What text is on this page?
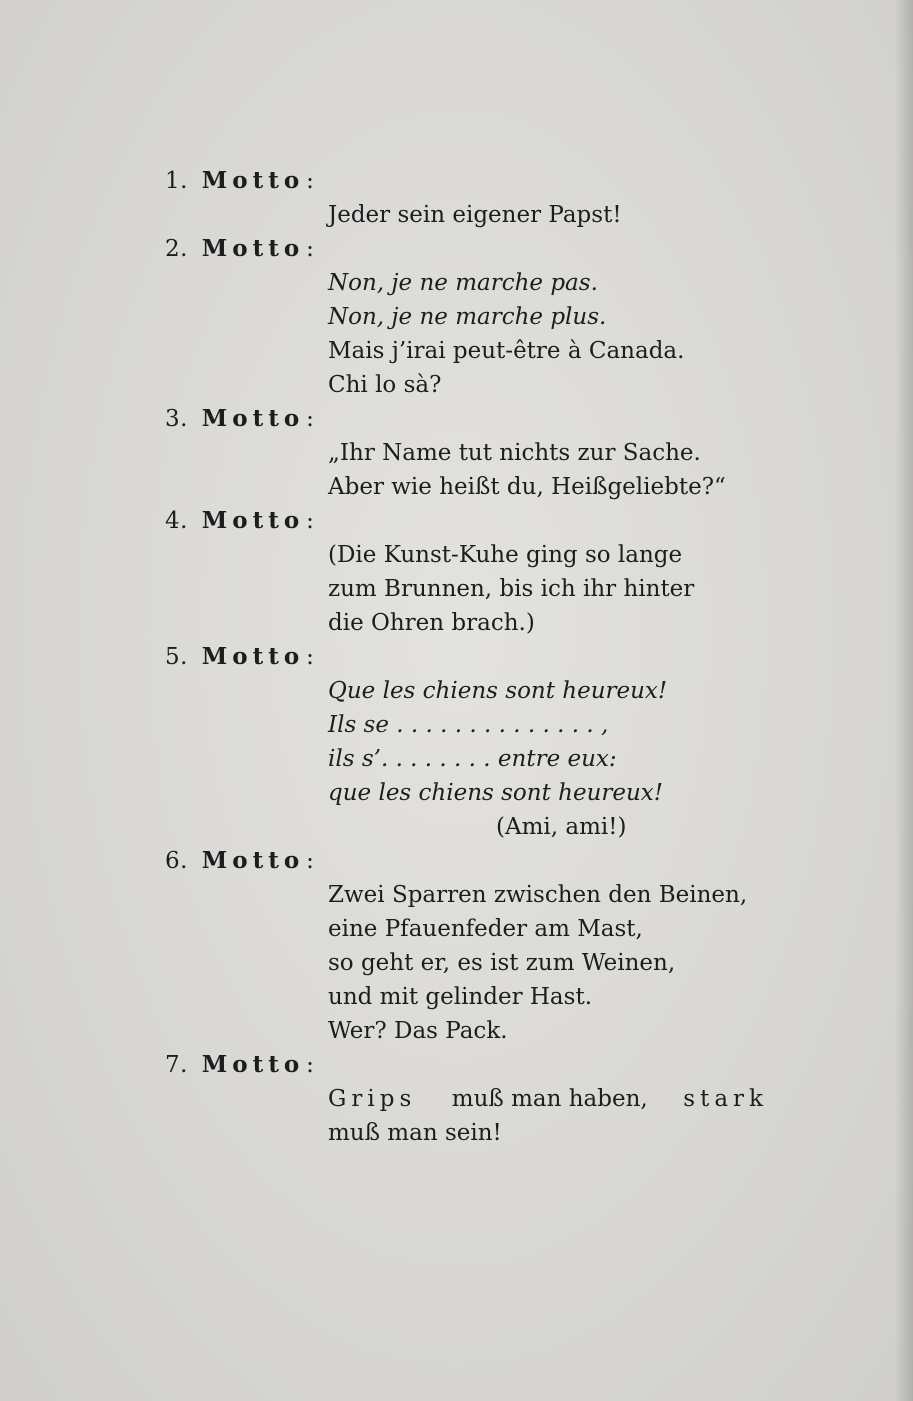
1. Motto:
Jeder sein eigener Papst!
2. Motto:
Non, je ne marche pas.
Non, je ne marche plus.
Mais j’irai peut-être à Canada.
Chi lo sà?
3. Motto:
„Ihr Name tut nichts zur Sache.
Aber wie heißt du, Heißgeliebte?“
4. Motto:
(Die Kunst-Kuhe ging so lange
zum Brunnen, bis ich ihr hinter
die Ohren brach.)
5. Motto:
Que les chiens sont heureux!
Ils se . . . . . . . . . . . . . . ,
ils s’. . . . . . . . entre eux:
que les chiens sont heureux!
(Ami, ami!)
6. Motto:
Zwei Sparren zwischen den Beinen,
eine Pfauenfeder am Mast,
so geht er, es ist zum Weinen,
und mit gelinder Hast.
Wer? Das Pack.
7. Motto:
Grips muß man haben, stark
muß man sein!
